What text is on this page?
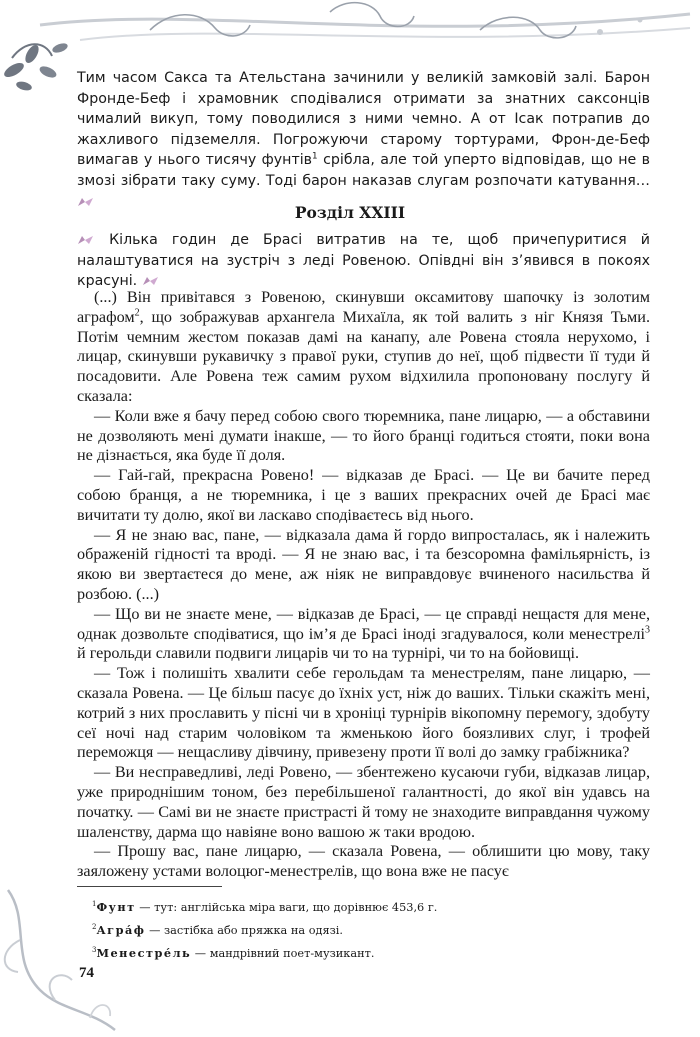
Тим часом Сакса та Ательстана зачинили у великій замковій залі. Барон Фронде-Беф і храмовник сподівалися отримати за знатних саксонців чималий викуп, тому поводилися з ними чемно. А от Ісак потрапив до жахливого підземелля. Погрожуючи старому тортурами, Фрон-де-Беф вимагав у нього тисячу фунтів$^1$ срібла, але той уперто відповідав, що не в змозі зібрати таку суму. Тоді барон наказав слугам розпочати катування…

Розділ XXIII

Кілька годин де Брасі витратив на те, щоб причепуритися й налаштуватися на зустріч з леді Ровеною. Опівдні він з’явився в покоях красуні.

(...) Він привітався з Ровеною, скинувши оксамитову шапочку із золотим аграфом$^2$, що зображував архангела Михаїла, як той валить з ніг Князя Тьми. Потім чемним жестом показав дамі на канапу, але Ровена стояла нерухомо, і лицар, скинувши рукавичку з правої руки, ступив до неї, щоб підвести її туди й посадовити. Але Ровена теж самим рухом відхилила пропоновану послугу й сказала:

— Коли вже я бачу перед собою свого тюремника, пане лицарю, — а обставини не дозволяють мені думати інакше, — то його бранці годиться стояти, поки вона не дізнається, яка буде її доля.

— Гай-гай, прекрасна Ровено! — відказав де Брасі. — Це ви бачите перед собою бранця, а не тюремника, і це з ваших прекрасних очей де Брасі має вичитати ту долю, якої ви ласкаво сподіваєтесь від нього.

— Я не знаю вас, пане, — відказала дама й гордо випросталась, як і належить ображеній гідності та вроді. — Я не знаю вас, і та безсоромна фамільярність, із якою ви звертаєтеся до мене, аж ніяк не виправдовує вчиненого насильства й розбою. (...)

— Що ви не знаєте мене, — відказав де Брасі, — це справді нещастя для мене, однак дозвольте сподіватися, що ім’я де Брасі іноді згадувалося, коли менестрелі$^3$ й герольди славили подвиги лицарів чи то на турнірі, чи то на бойовищі.

— Тож і полишіть хвалити себе герольдам та менестрелям, пане лицарю, — сказала Ровена. — Це більш пасує до їхніх уст, ніж до ваших. Тільки скажіть мені, котрий з них прославить у пісні чи в хроніці турнірів вікопомну перемогу, здобуту сеї ночі над старим чоловіком та жменькою його боязливих слуг, і трофей переможця — нещасливу дівчину, привезену проти її волі до замку грабіжника?

— Ви несправедливі, леді Ровено, — збентежено кусаючи губи, відказав лицар, уже природнішим тоном, без перебільшеної галантності, до якої він удавсь на початку. — Самі ви не знаєте пристрасті й тому не знаходите виправдання чужому шаленству, дарма що навіяне воно вашою ж таки вродою.

— Прошу вас, пане лицарю, — сказала Ровена, — облишити цю мову, таку заяложену устами волоцюг-менестрелів, що вона вже не пасує

$^1$Фунт — тут: англійська міра ваги, що дорівнює 453,6 г.
$^2$Агра́ф — застібка або пряжка на одязі.
$^3$Менестре́ль — мандрівний поет-музикант.
74
